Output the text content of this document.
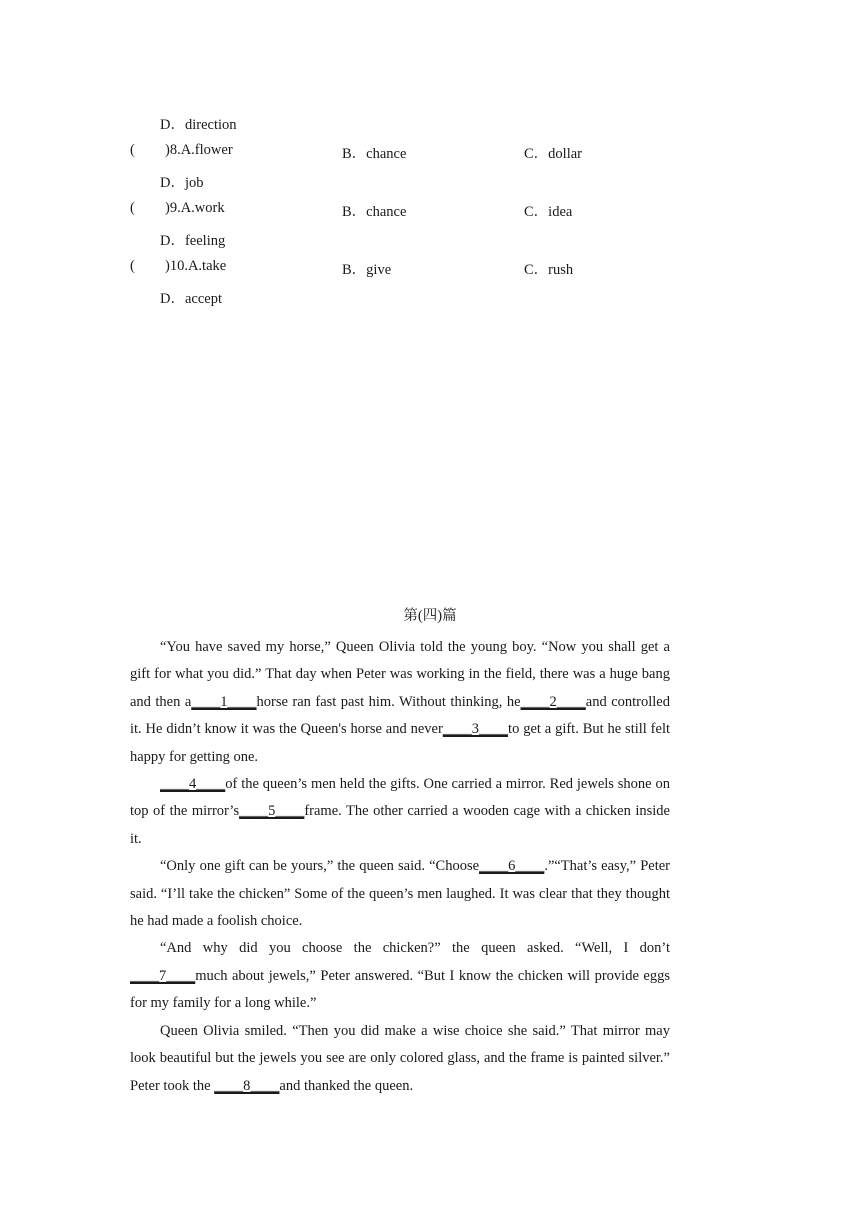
D．direction
( )8.A.flower	B．chance	C．dollar
D．job
( )9.A.work	B．chance	C．idea
D．feeling
( )10.A.take	B．give	C．rush
D．accept
第(四)篇

“You have saved my horse,” Queen Olivia told the young boy. “Now you shall get a gift for what you did.” That day when Peter was working in the field, there was a huge bang and then a____1____horse ran fast past him. Without thinking, he____2____and controlled it. He didn’t know it was the Queen's horse and never____3____to get a gift. But he still felt happy for getting one.

____4____of the queen’s men held the gifts. One carried a mirror. Red jewels shone on top of the mirror’s____5____frame. The other carried a wooden cage with a chicken inside it.

“Only one gift can be yours,” the queen said. “Choose____6____.”“That’s easy,” Peter said. “I’ll take the chicken” Some of the queen’s men laughed. It was clear that they thought he had made a foolish choice.

“And why did you choose the chicken?” the queen asked. “Well, I don’t ____7____much about jewels,” Peter answered. “But I know the chicken will provide eggs for my family for a long while.”

Queen Olivia smiled. “Then you did make a wise choice she said.” That mirror may look beautiful but the jewels you see are only colored glass, and the frame is painted silver.” Peter took the ____8____and thanked the queen.
